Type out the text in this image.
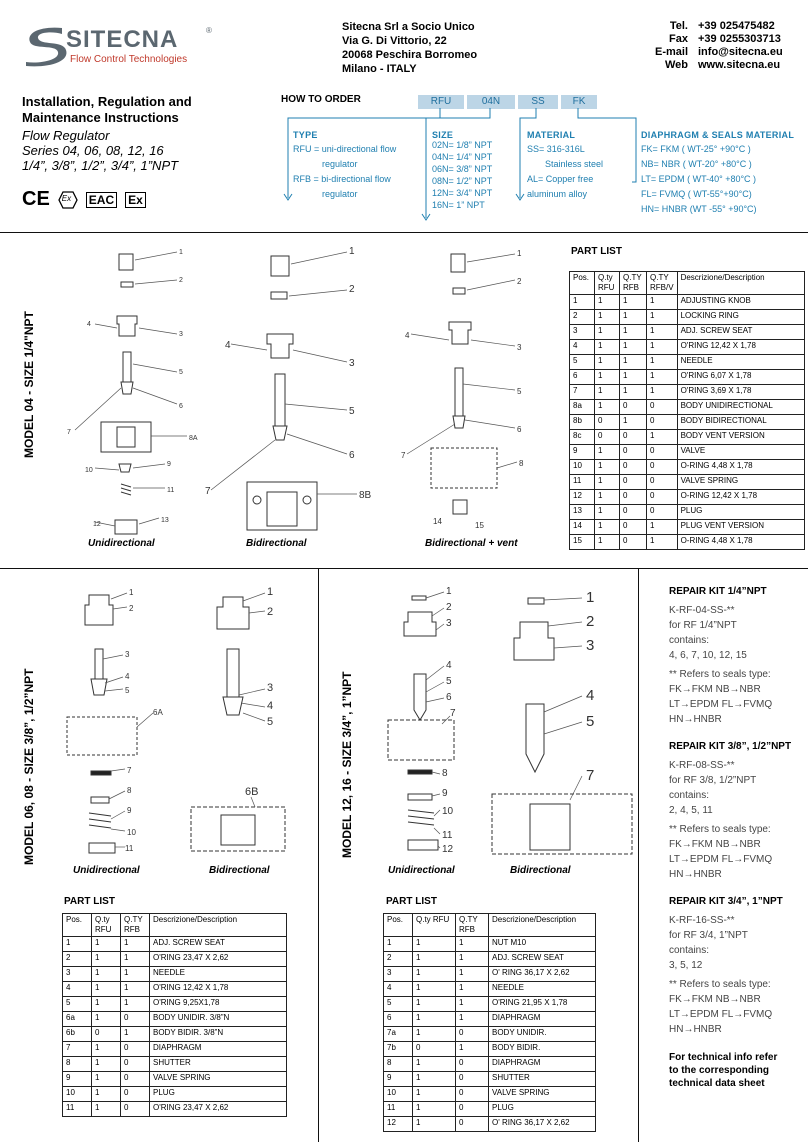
SITECNA	®
Flow Control Technologies
Sitecna Srl a Socio Unico
Via G. Di Vittorio, 22
20068 Peschira Borromeo
Milano - ITALY
Tel. +39 025475482
Fax +39 0255303713
E-mail info@sitecna.eu
Web www.sitecna.eu
Installation, Regulation and
Maintenance Instructions
Flow Regulator
Series 04, 06, 08, 12, 16
1/4”, 3/8”, 1/2”, 3/4”, 1”NPT
CE Ex EAC Ex
HOW TO ORDER	RFU	04N	SS	FK
TYPE
RFU = uni-directional flow
regulator
RFB = bi-directional flow
regulator
SIZE
02N= 1/8” NPT
04N= 1/4” NPT
06N= 3/8” NPT
08N= 1/2” NPT
12N= 3/4” NPT
16N= 1” NPT
MATERIAL
SS= 316-316L
Stainless steel
AL= Copper free
aluminum alloy
DIAPHRAGM & SEALS MATERIAL
FK= FKM ( WT-25° +90°C )
NB= NBR ( WT-20° +80°C )
LT= EPDM ( WT-40° +80°C )
FL= FVMQ ( WT-55°+90°C)
HN= HNBR (WT -55° +90°C)
MODEL 04 - SIZE 1/4"NPT
1
2
4
3
5
6
7
8A
9
10
11
12
13
1
2
4
3
5
6
7	8B
1
2
4
3
5
6
7
8
14	15
Unidirectional	Bidirectional	Bidirectional + vent
PART LIST
Pos.	Q.ty RFU	Q.TY RFB	Q.TY RFB/V	Descrizione/Description
1	1	1	1	ADJUSTING KNOB
2	1	1	1	LOCKING RING
3	1	1	1	ADJ. SCREW SEAT
4	1	1	1	O'RING 12,42 X 1,78
5	1	1	1	NEEDLE
6	1	1	1	O'RING 6,07 X 1,78
7	1	1	1	O'RING 3,69 X 1,78
8a	1	0	0	BODY UNIDIRECTIONAL
8b	0	1	0	BODY BIDIRECTIONAL
8c	0	0	1	BODY VENT VERSION
9	1	0	0	VALVE
10	1	0	0	O-RING 4,48 X 1,78
11	1	0	0	VALVE SPRING
12	1	0	0	O-RING 12,42 X 1,78
13	1	0	0	PLUG
14	1	0	1	PLUG VENT VERSION
15	1	0	1	O-RING 4,48 X 1,78
MODEL 06, 08 - SIZE 3/8”, 1/2”NPT
1
2
3
4
5
6A
7
8
9
10
11
1
2
3
4
5
6B
Unidirectional	Bidirectional
PART LIST
Pos.	Q.ty RFU	Q.TY RFB	Descrizione/Description
1	1	1	ADJ. SCREW SEAT
2	1	1	O'RING 23,47 X 2,62
3	1	1	NEEDLE
4	1	1	O'RING 12,42 X 1,78
5	1	1	O'RING 9,25X1,78
6a	1	0	BODY UNIDIR. 3/8”N
6b	0	1	BODY BIDIR. 3/8”N
7	1	0	DIAPHRAGM
8	1	0	SHUTTER
9	1	0	VALVE SPRING
10	1	0	PLUG
11	1	0	O'RING 23,47 X 2,62
MODEL 12, 16 - SIZE 3/4”, 1”NPT
1
2
3
4
5
6
7
8
9
10
11
12
1
2
3
4
5
7
Unidirectional	Bidirectional
PART LIST
Pos.	Q.ty RFU	Q.TY RFB	Descrizione/Description
1	1	1	NUT M10
2	1	1	ADJ. SCREW SEAT
3	1	1	O' RING 36,17 X 2,62
4	1	1	NEEDLE
5	1	1	O'RING 21,95 X 1,78
6	1	1	DIAPHRAGM
7a	1	0	BODY UNIDIR.
7b	0	1	BODY BIDIR.
8	1	0	DIAPHRAGM
9	1	0	SHUTTER
10	1	0	VALVE SPRING
11	1	0	PLUG
12	1	0	O' RING 36,17 X 2,62
REPAIR KIT 1/4”NPT
K-RF-04-SS-**
for RF 1/4”NPT
contains:
4, 6, 7, 10, 12, 15
** Refers to seals type:
FK→FKM NB→NBR
LT→EPDM FL→FVMQ
HN→HNBR
REPAIR KIT 3/8”, 1/2”NPT
K-RF-08-SS-**
for RF 3/8, 1/2”NPT
contains:
2, 4, 5, 11
** Refers to seals type:
FK→FKM NB→NBR
LT→EPDM FL→FVMQ
HN→HNBR
REPAIR KIT 3/4”, 1”NPT
K-RF-16-SS-**
for RF 3/4, 1”NPT
contains:
3, 5, 12
** Refers to seals type:
FK→FKM NB→NBR
LT→EPDM FL→FVMQ
HN→HNBR
For technical info refer
to the corresponding
technical data sheet
